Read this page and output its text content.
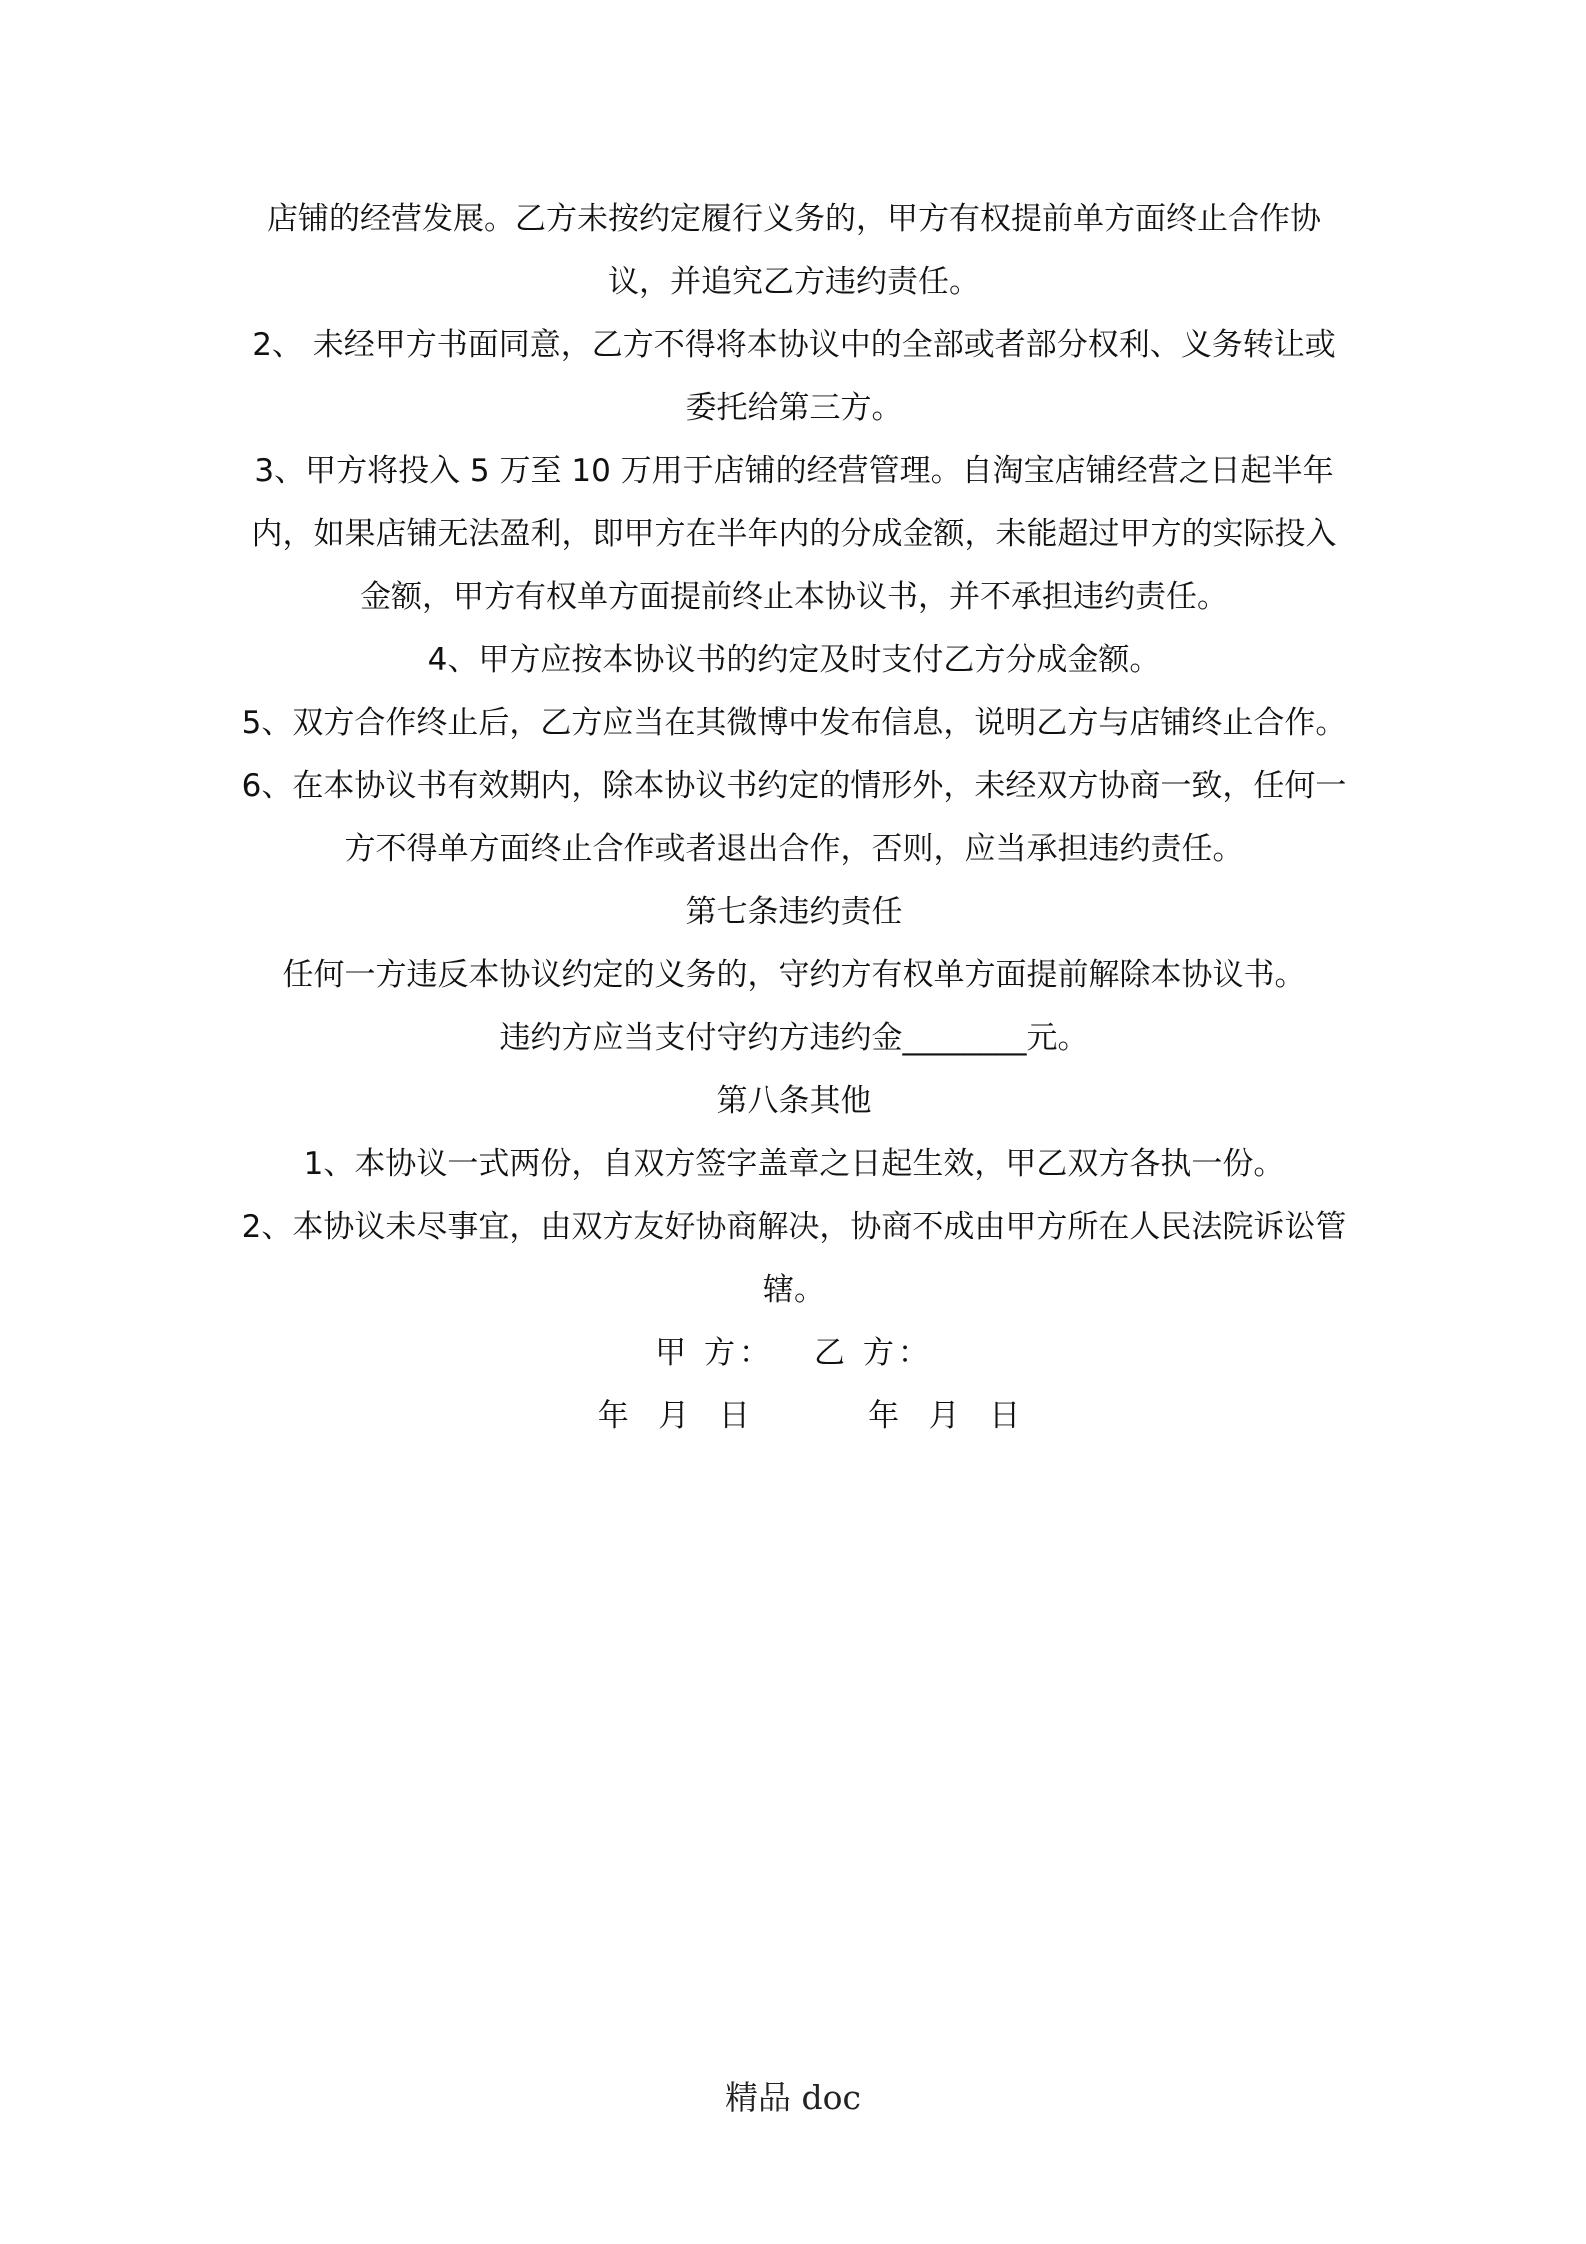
店铺的经营发展。乙方未按约定履行义务的，甲方有权提前单方面终止合作协议，并追究乙方违约责任。

2、 未经甲方书面同意，乙方不得将本协议中的全部或者部分权利、义务转让或委托给第三方。

3、甲方将投入 5 万至 10 万用于店铺的经营管理。自淘宝店铺经营之日起半年内，如果店铺无法盈利，即甲方在半年内的分成金额，未能超过甲方的实际投入金额，甲方有权单方面提前终止本协议书，并不承担违约责任。

4、甲方应按本协议书的约定及时支付乙方分成金额。

5、双方合作终止后，乙方应当在其微博中发布信息，说明乙方与店铺终止合作。

6、在本协议书有效期内，除本协议书约定的情形外，未经双方协商一致，任何一方不得单方面终止合作或者退出合作，否则，应当承担违约责任。

第七条违约责任

任何一方违反本协议约定的义务的，守约方有权单方面提前解除本协议书。

违约方应当支付守约方违约金________元。

第八条其他

1、本协议一式两份，自双方签字盖章之日起生效，甲乙双方各执一份。

2、本协议未尽事宜，由双方友好协商解决，协商不成由甲方所在人民法院诉讼管辖。

甲 方： 乙 方：

年   月   日            年   月   日

精品 doc
